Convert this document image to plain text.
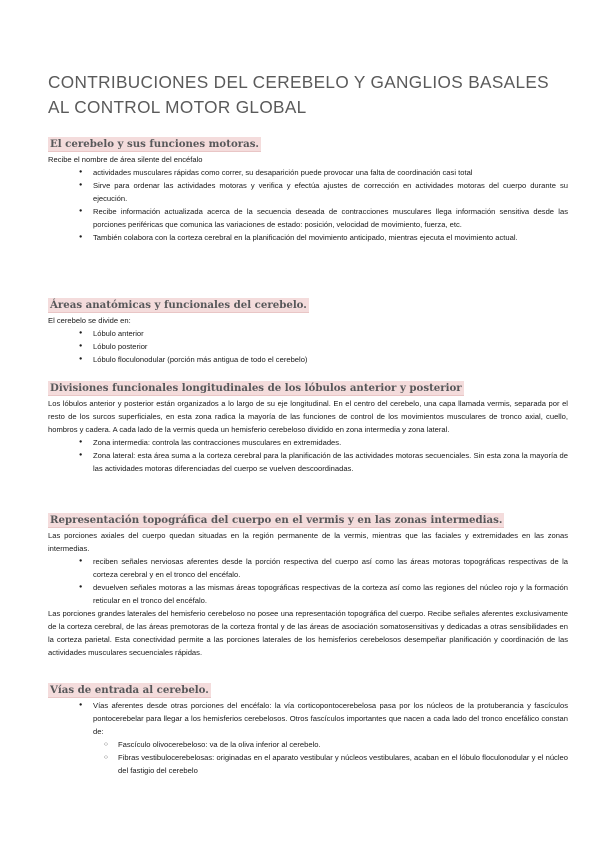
CONTRIBUCIONES DEL CEREBELO Y GANGLIOS BASALES AL CONTROL MOTOR GLOBAL
El cerebelo y sus funciones motoras.

Recibe el nombre de área silente del encéfalo

● actividades musculares rápidas como correr, su desaparición puede provocar una falta de coordinación casi total
● Sirve para ordenar las actividades motoras y verifica y efectúa ajustes de corrección en actividades motoras del cuerpo durante su ejecución.
● Recibe información actualizada acerca de la secuencia deseada de contracciones musculares llega información sensitiva desde las porciones periféricas que comunica las variaciones de estado: posición, velocidad de movimiento, fuerza, etc.
● También colabora con la corteza cerebral en la planificación del movimiento anticipado, mientras ejecuta el movimiento actual.
Áreas anatómicas y funcionales del cerebelo.

El cerebelo se divide en:

● Lóbulo anterior
● Lóbulo posterior
● Lóbulo floculonodular (porción más antigua de todo el cerebelo)
Divisiones funcionales longitudinales de los lóbulos anterior y posterior

Los lóbulos anterior y posterior están organizados a lo largo de su eje longitudinal. En el centro del cerebelo, una capa llamada vermis, separada por el resto de los surcos superficiales, en esta zona radica la mayoría de las funciones de control de los movimientos musculares de tronco axial, cuello, hombros y cadera. A cada lado de la vermis queda un hemisferio cerebeloso dividido en zona intermedia y zona lateral.

● Zona intermedia: controla las contracciones musculares en extremidades.
● Zona lateral: esta área suma a la corteza cerebral para la planificación de las actividades motoras secuenciales. Sin esta zona la mayoría de las actividades motoras diferenciadas del cuerpo se vuelven descoordinadas.
Representación topográfica del cuerpo en el vermis y en las zonas intermedias.

Las porciones axiales del cuerpo quedan situadas en la región permanente de la vermis, mientras que las faciales y extremidades en las zonas intermedias.

● reciben señales nerviosas aferentes desde la porción respectiva del cuerpo así como las áreas motoras topográficas respectivas de la corteza cerebral y en el tronco del encéfalo.
● devuelven señales motoras a las mismas áreas topográficas respectivas de la corteza así como las regiones del núcleo rojo y la formación reticular en el tronco del encéfalo.

Las porciones grandes laterales del hemisferio cerebeloso no posee una representación topográfica del cuerpo. Recibe señales aferentes exclusivamente de la corteza cerebral, de las áreas premotoras de la corteza frontal y de las áreas de asociación somatosensitivas y dedicadas a otras sensibilidades en la corteza parietal. Esta conectividad permite a las porciones laterales de los hemisferios cerebelosos desempeñar planificación y coordinación de las actividades musculares secuenciales rápidas.

Vías de entrada al cerebelo.
● Vías aferentes desde otras porciones del encéfalo: la vía corticopontocerebelosa pasa por los núcleos de la protuberancia y fascículos pontocerebelar para llegar a los hemisferios cerebelosos. Otros fascículos importantes que nacen a cada lado del tronco encefálico constan de:
○ Fascículo olivocerebeloso: va de la oliva inferior al cerebelo.
○ Fibras vestibulocerebelosas: originadas en el aparato vestibular y núcleos vestibulares, acaban en el lóbulo floculonodular y el núcleo del fastigio del cerebelo
